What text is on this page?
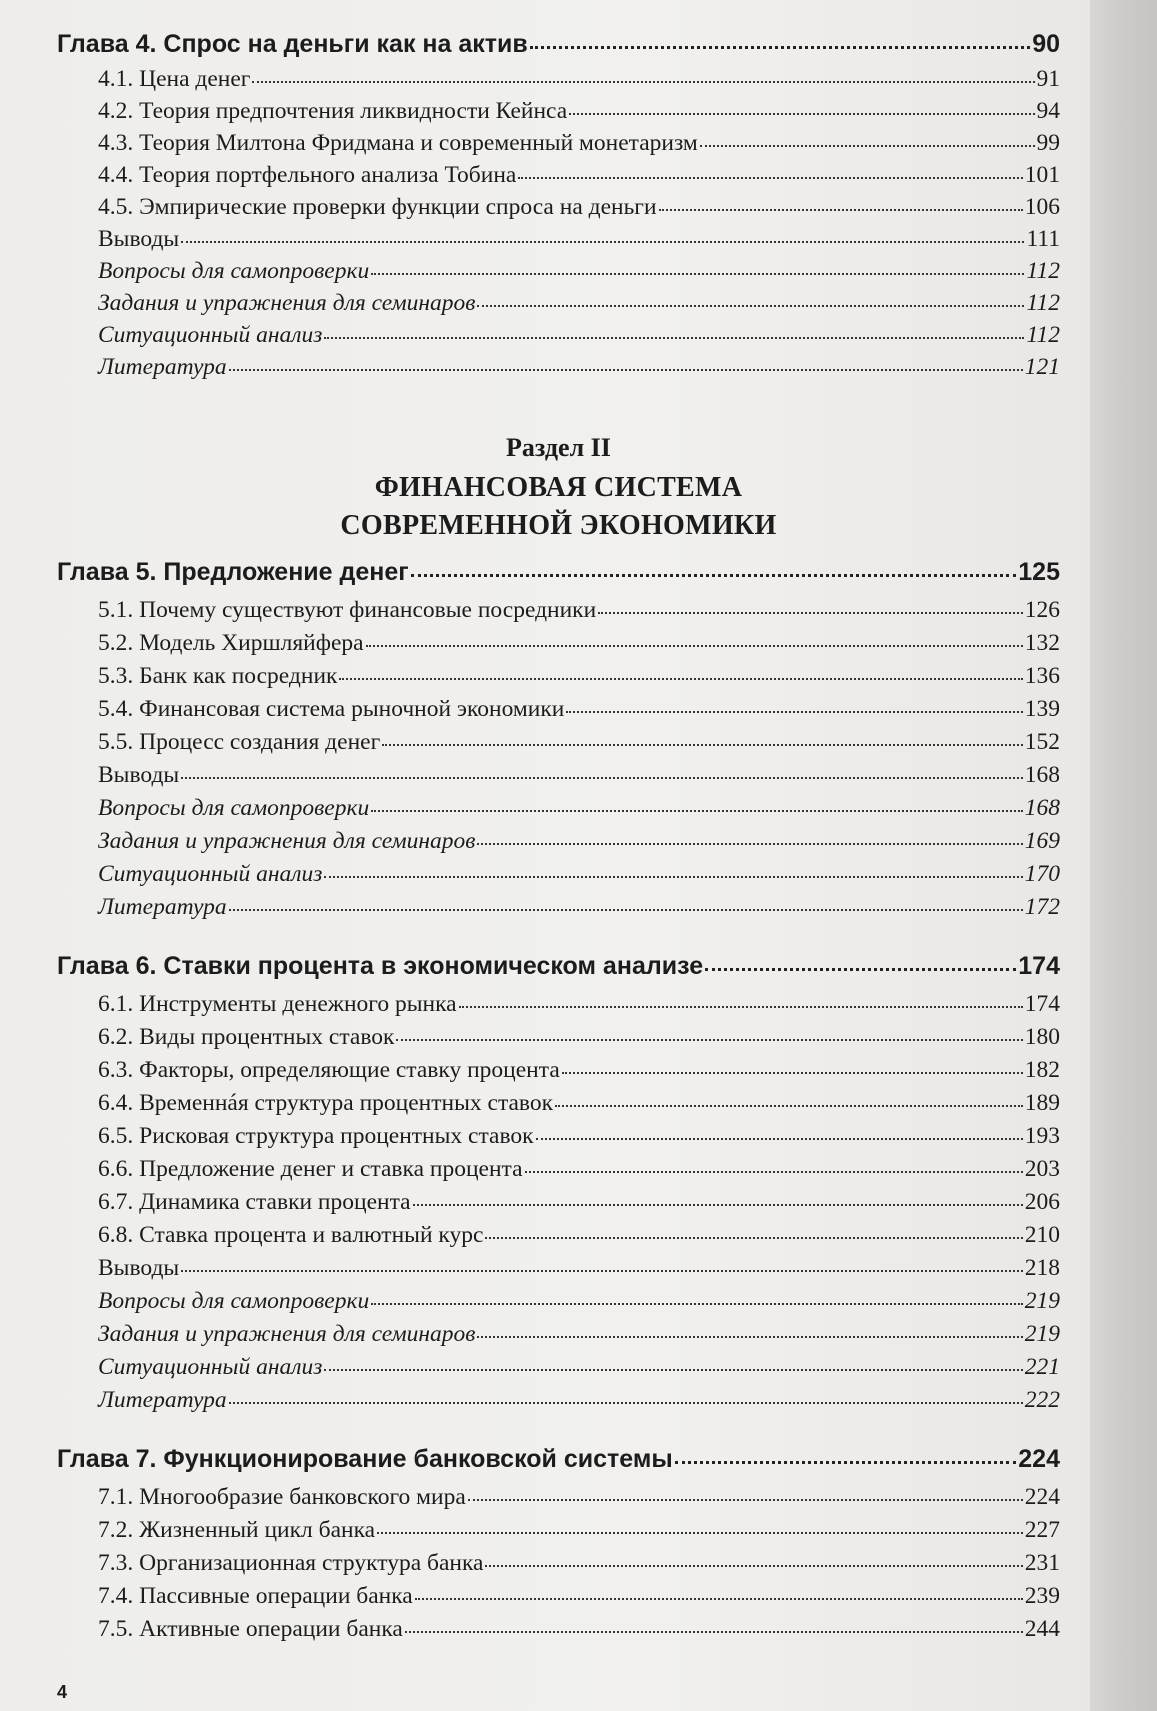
Глава 4. Спрос на деньги как на актив	90
4.1. Цена денег	91
4.2. Теория предпочтения ликвидности Кейнса	94
4.3. Теория Милтона Фридмана и современный монетаризм	99
4.4. Теория портфельного анализа Тобина	101
4.5. Эмпирические проверки функции спроса на деньги	106
Выводы	111
Вопросы для самопроверки	112
Задания и упражнения для семинаров	112
Ситуационный анализ	112
Литература	121
Раздел II
ФИНАНСОВАЯ СИСТЕМА
СОВРЕМЕННОЙ ЭКОНОМИКИ
Глава 5. Предложение денег	125
5.1. Почему существуют финансовые посредники	126
5.2. Модель Хиршляйфера	132
5.3. Банк как посредник	136
5.4. Финансовая система рыночной экономики	139
5.5. Процесс создания денег	152
Выводы	168
Вопросы для самопроверки	168
Задания и упражнения для семинаров	169
Ситуационный анализ	170
Литература	172
Глава 6. Ставки процента в экономическом анализе	174
6.1. Инструменты денежного рынка	174
6.2. Виды процентных ставок	180
6.3. Факторы, определяющие ставку процента	182
6.4. Временнáя структура процентных ставок	189
6.5. Рисковая структура процентных ставок	193
6.6. Предложение денег и ставка процента	203
6.7. Динамика ставки процента	206
6.8. Ставка процента и валютный курс	210
Выводы	218
Вопросы для самопроверки	219
Задания и упражнения для семинаров	219
Ситуационный анализ	221
Литература	222
Глава 7. Функционирование банковской системы	224
7.1. Многообразие банковского мира	224
7.2. Жизненный цикл банка	227
7.3. Организационная структура банка	231
7.4. Пассивные операции банка	239
7.5. Активные операции банка	244
4
